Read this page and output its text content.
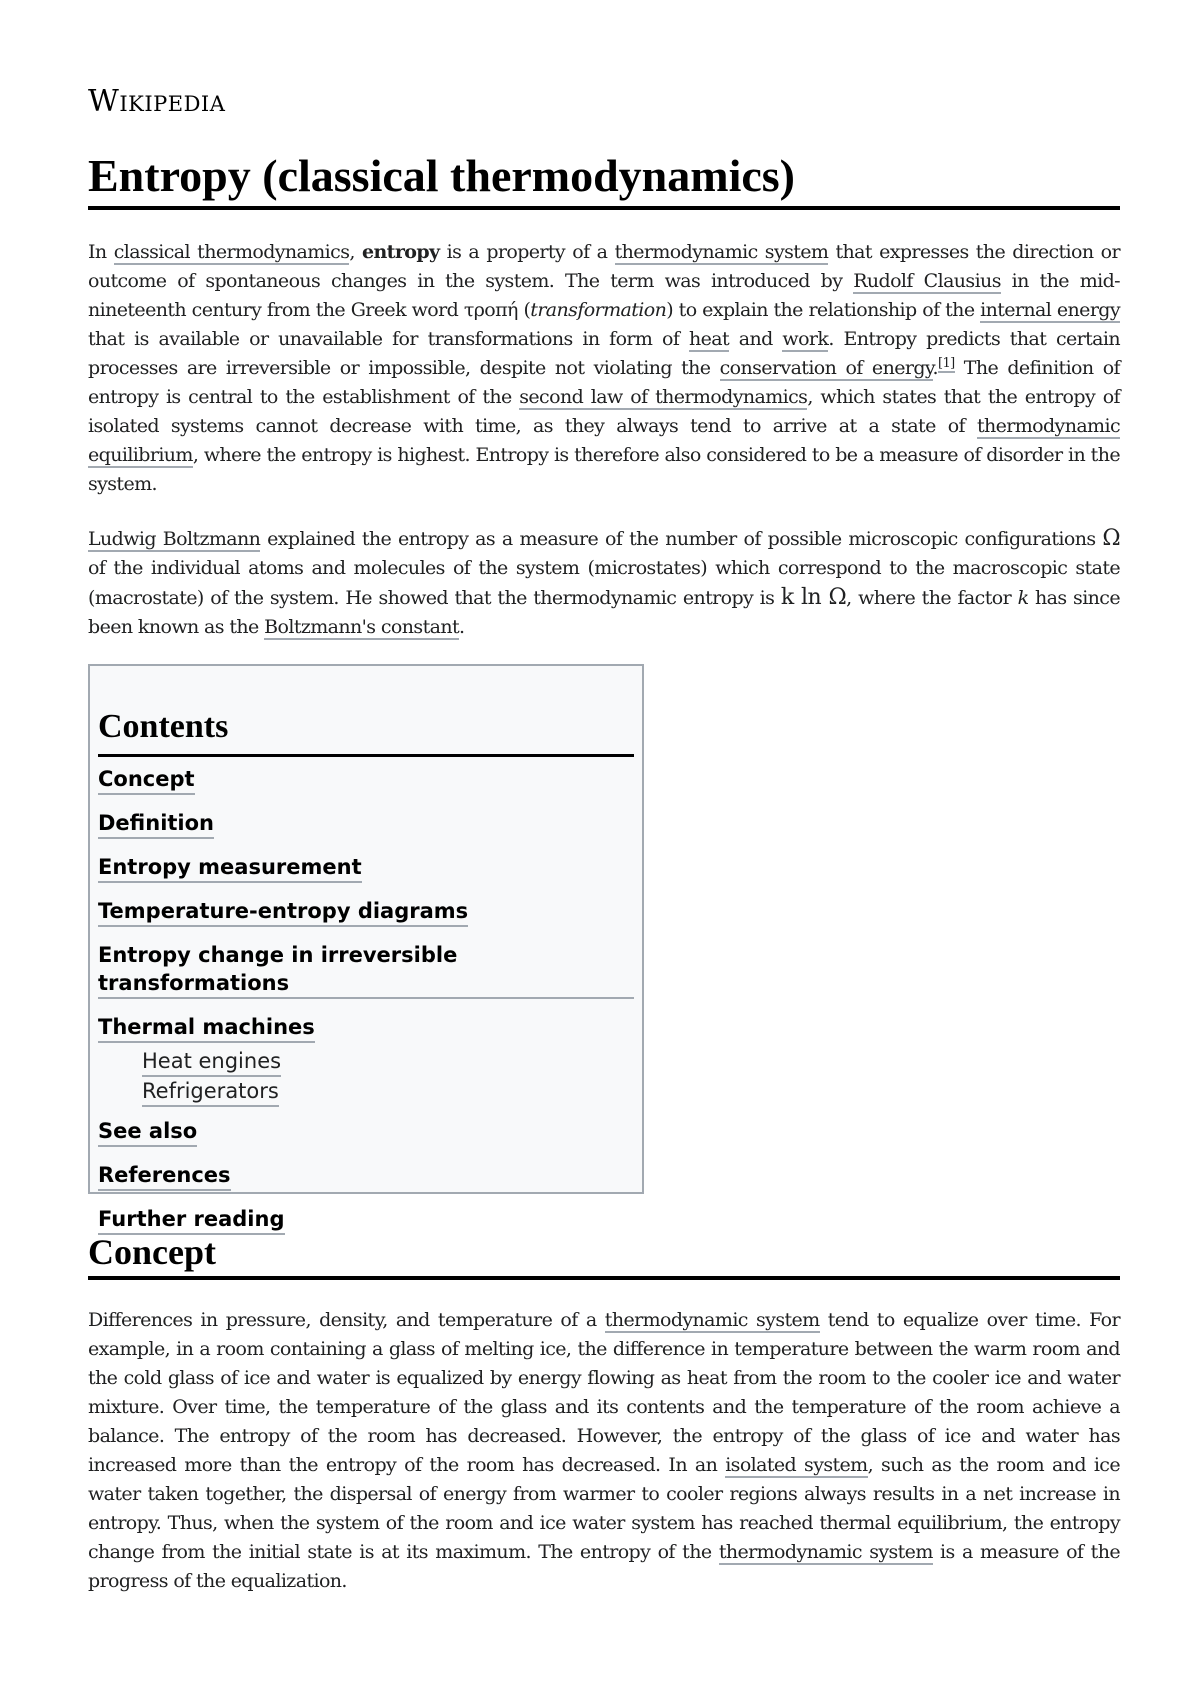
Wikipedia
Entropy (classical thermodynamics)

In classical thermodynamics, entropy is a property of a thermodynamic system that expresses the direction or outcome of spontaneous changes in the system. The term was introduced by Rudolf Clausius in the mid-nineteenth century from the Greek word τροπή (transformation) to explain the relationship of the internal energy that is available or unavailable for transformations in form of heat and work. Entropy predicts that certain processes are irreversible or impossible, despite not violating the conservation of energy.[1] The definition of entropy is central to the establishment of the second law of thermodynamics, which states that the entropy of isolated systems cannot decrease with time, as they always tend to arrive at a state of thermodynamic equilibrium, where the entropy is highest. Entropy is therefore also considered to be a measure of disorder in the system.

Ludwig Boltzmann explained the entropy as a measure of the number of possible microscopic configurations Ω of the individual atoms and molecules of the system (microstates) which correspond to the macroscopic state (macrostate) of the system. He showed that the thermodynamic entropy is k ln Ω, where the factor k has since been known as the Boltzmann's constant.

Contents
Concept
Definition
Entropy measurement
Temperature-entropy diagrams
Entropy change in irreversible transformations
Thermal machines
Heat engines
Refrigerators
See also
References
Further reading
Concept

Differences in pressure, density, and temperature of a thermodynamic system tend to equalize over time. For example, in a room containing a glass of melting ice, the difference in temperature between the warm room and the cold glass of ice and water is equalized by energy flowing as heat from the room to the cooler ice and water mixture. Over time, the temperature of the glass and its contents and the temperature of the room achieve a balance. The entropy of the room has decreased. However, the entropy of the glass of ice and water has increased more than the entropy of the room has decreased. In an isolated system, such as the room and ice water taken together, the dispersal of energy from warmer to cooler regions always results in a net increase in entropy. Thus, when the system of the room and ice water system has reached thermal equilibrium, the entropy change from the initial state is at its maximum. The entropy of the thermodynamic system is a measure of the progress of the equalization.
